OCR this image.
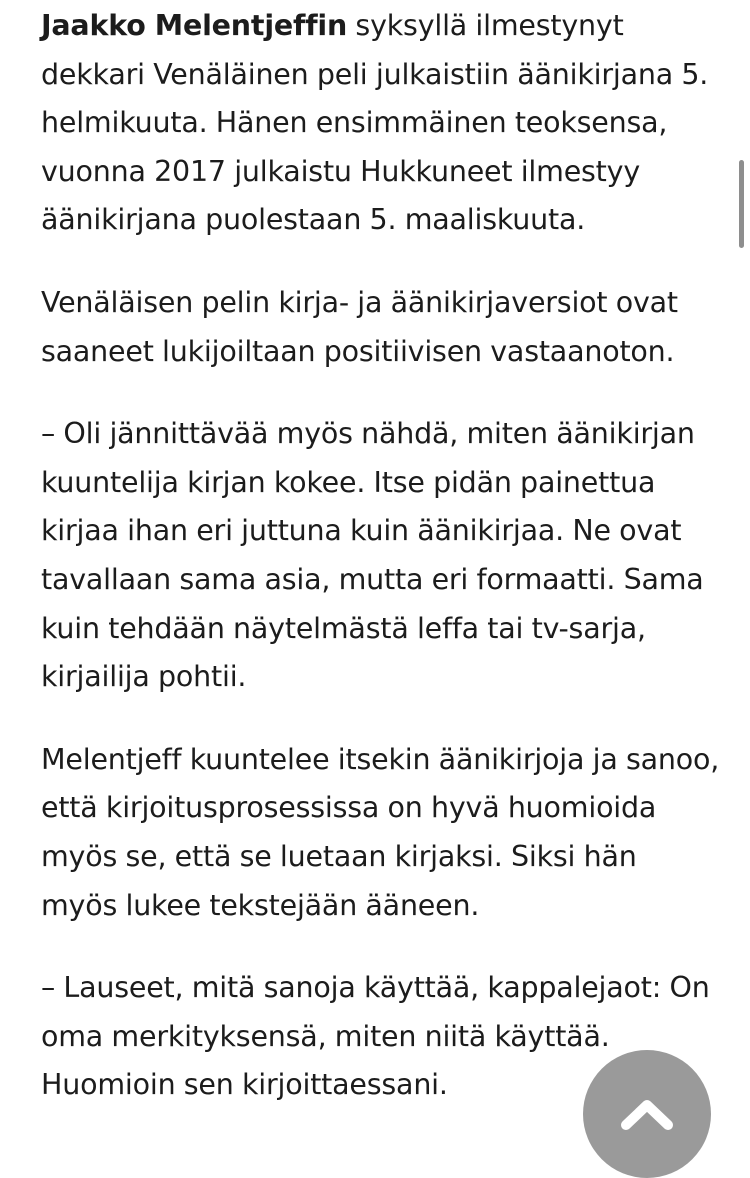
Jaakko Melentjeffin syksyllä ilmestynyt dekkari Venäläinen peli julkaistiin äänikirjana 5. helmikuuta. Hänen ensimmäinen teoksensa, vuonna 2017 julkaistu Hukkuneet ilmestyy äänikirjana puolestaan 5. maaliskuuta.

Venäläisen pelin kirja- ja äänikirjaversiot ovat saaneet lukijoiltaan positiivisen vastaanoton.

– Oli jännittävää myös nähdä, miten äänikirjan kuuntelija kirjan kokee. Itse pidän painettua kirjaa ihan eri juttuna kuin äänikirjaa. Ne ovat tavallaan sama asia, mutta eri formaatti. Sama kuin tehdään näytelmästä leffa tai tv-sarja, kirjailija pohtii.

Melentjeff kuuntelee itsekin äänikirjoja ja sanoo, että kirjoitusprosessissa on hyvä huomioida myös se, että se luetaan kirjaksi. Siksi hän myös lukee tekstejään ääneen.

– Lauseet, mitä sanoja käyttää, kappalejaot: On oma merkityksensä, miten niitä käyttää. Huomioin sen kirjoittaessani.
